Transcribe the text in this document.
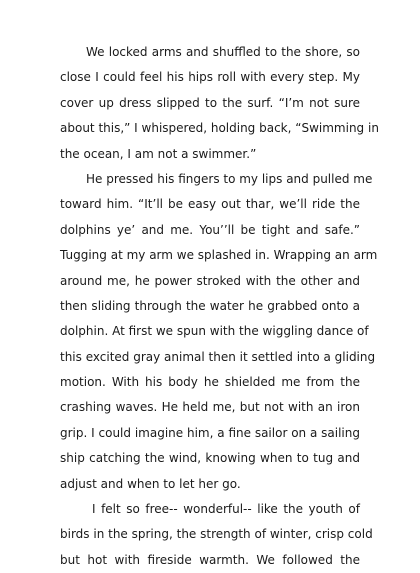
We locked arms and shuffled to the shore, so
close I could feel his hips roll with every step. My
cover up dress slipped to the surf. “I’m not sure
about this,” I whispered, holding back, “Swimming in
the ocean, I am not a swimmer.”
He pressed his fingers to my lips and pulled me
toward him. “It’ll be easy out thar, we’ll ride the
dolphins ye’ and me. You’’ll be tight and safe.”
Tugging at my arm we splashed in. Wrapping an arm
around me, he power stroked with the other and
then sliding through the water he grabbed onto a
dolphin. At first we spun with the wiggling dance of
this excited gray animal then it settled into a gliding
motion. With his body he shielded me from the
crashing waves. He held me, but not with an iron
grip. I could imagine him, a fine sailor on a sailing
ship catching the wind, knowing when to tug and
adjust and when to let her go.
I felt so free-- wonderful-- like the youth of
birds in the spring, the strength of winter, crisp cold
but hot with fireside warmth. We followed the
